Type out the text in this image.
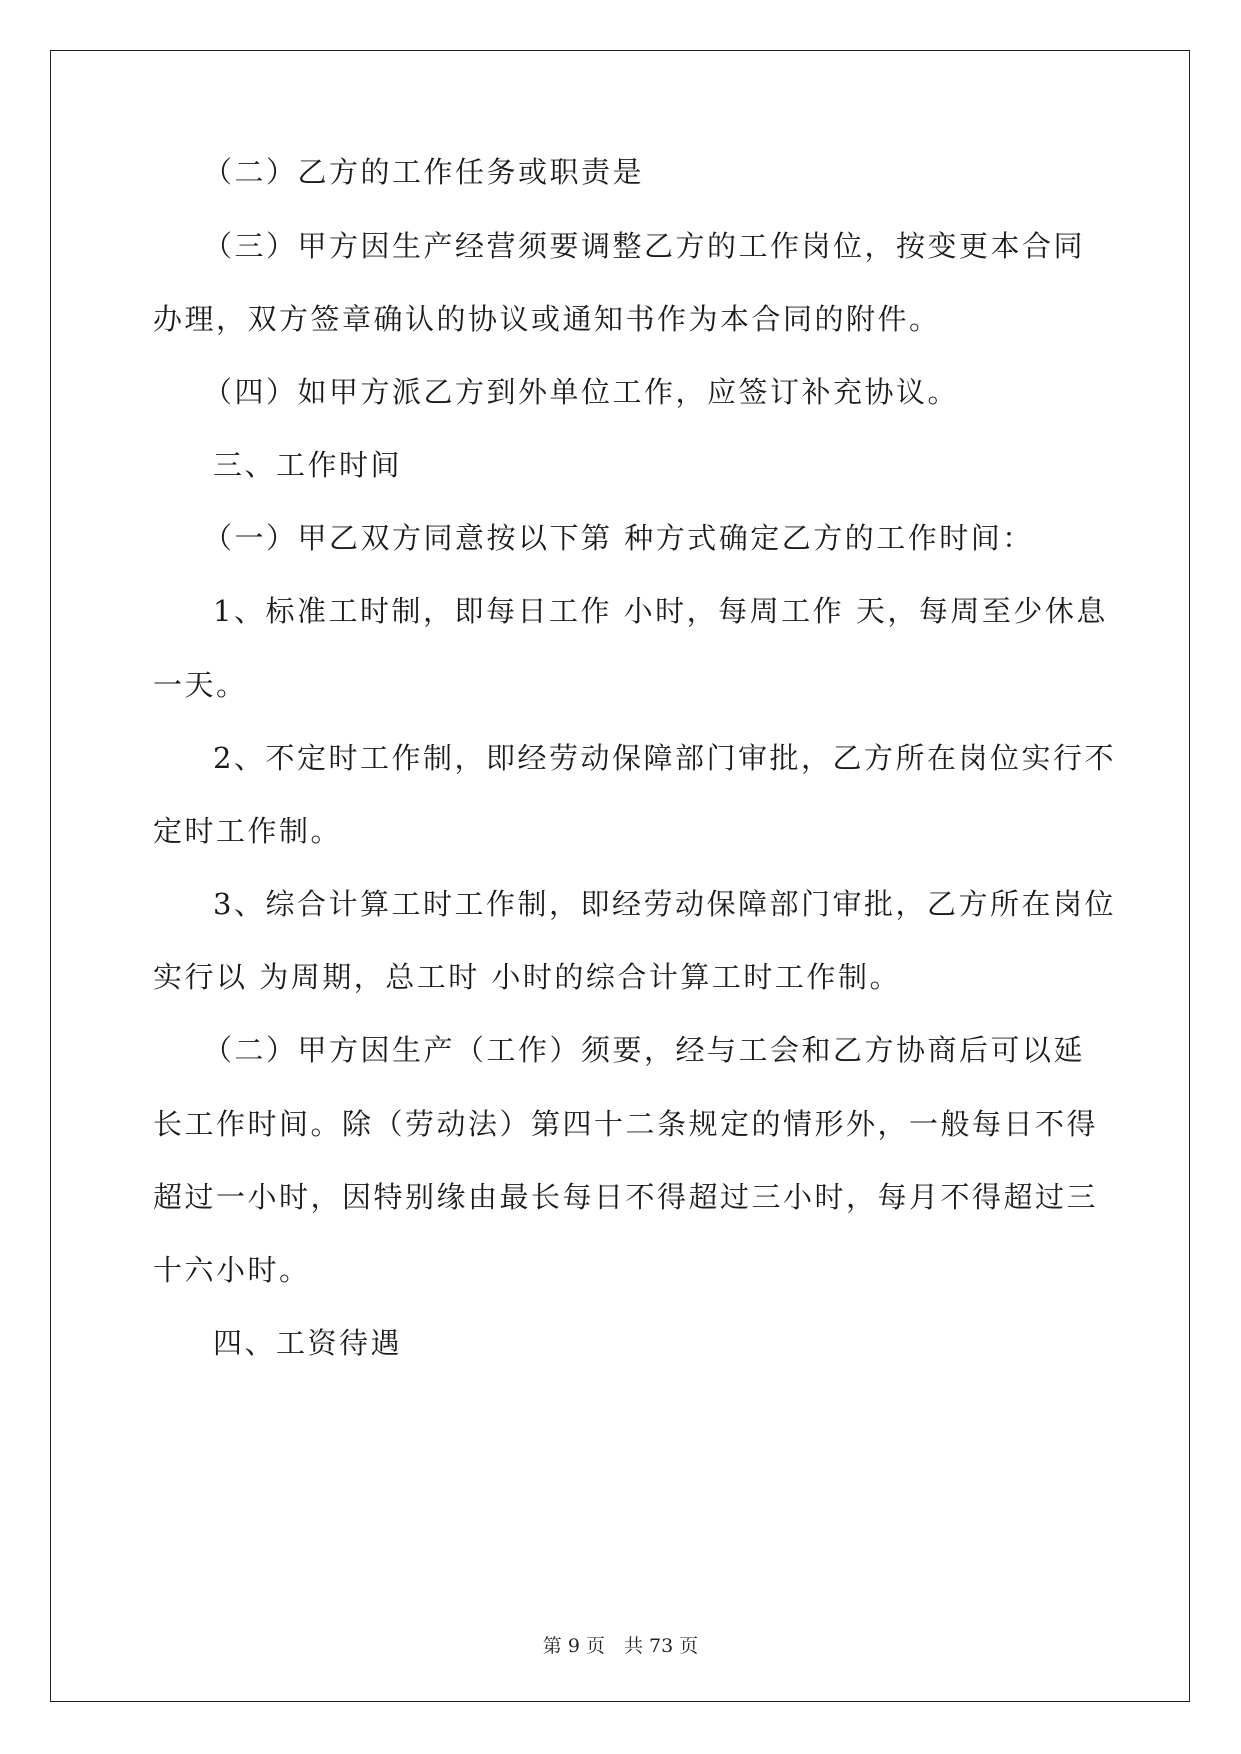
（二）乙方的工作任务或职责是
（三）甲方因生产经营须要调整乙方的工作岗位，按变更本合同
办理，双方签章确认的协议或通知书作为本合同的附件。
（四）如甲方派乙方到外单位工作，应签订补充协议。
三、工作时间
（一）甲乙双方同意按以下第 种方式确定乙方的工作时间：
1、标准工时制，即每日工作 小时，每周工作 天，每周至少休息
一天。
2、不定时工作制，即经劳动保障部门审批，乙方所在岗位实行不
定时工作制。
3、综合计算工时工作制，即经劳动保障部门审批，乙方所在岗位
实行以 为周期，总工时 小时的综合计算工时工作制。
（二）甲方因生产（工作）须要，经与工会和乙方协商后可以延
长工作时间。除（劳动法）第四十二条规定的情形外，一般每日不得
超过一小时，因特别缘由最长每日不得超过三小时，每月不得超过三
十六小时。
四、工资待遇
第 9 页　共 73 页
